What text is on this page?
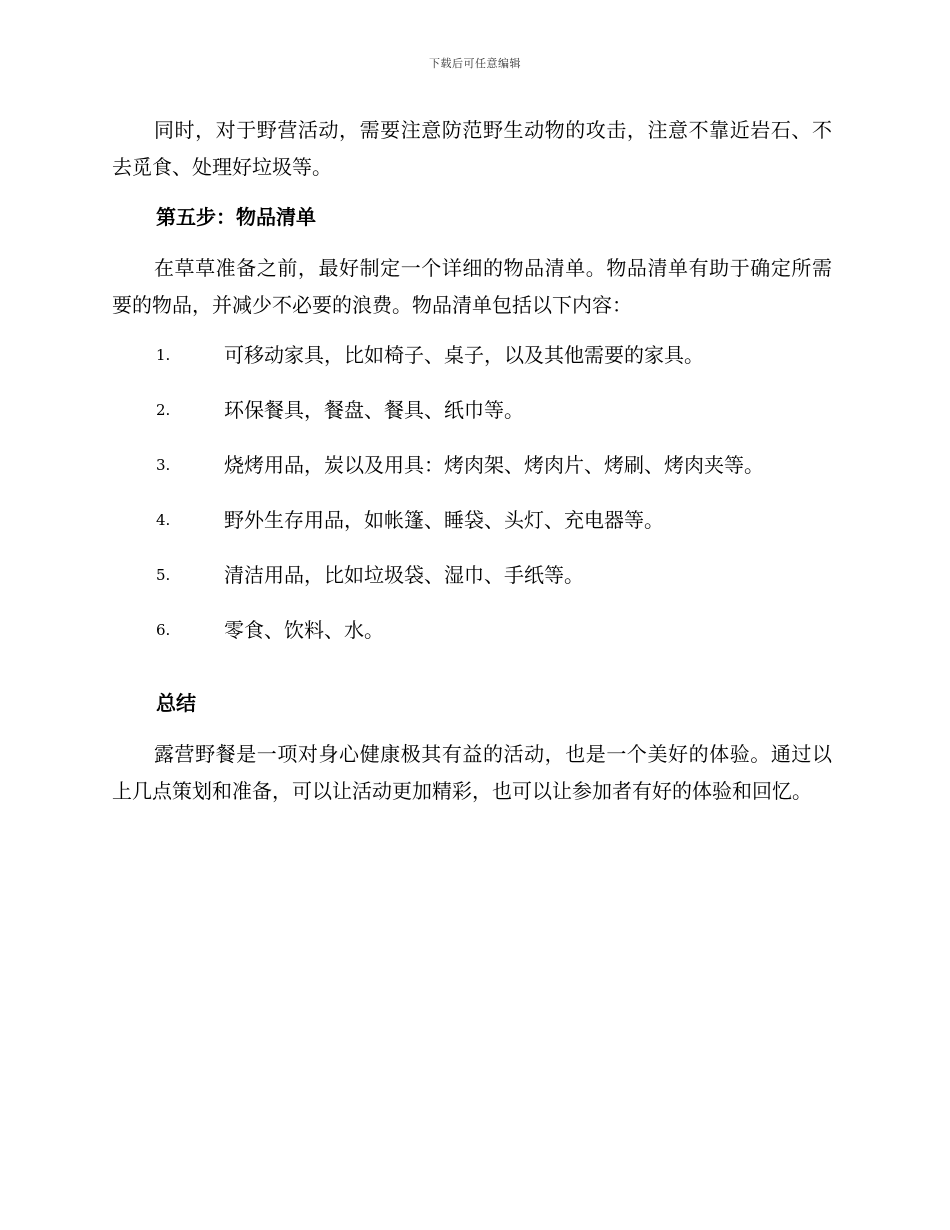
下载后可任意编辑

同时，对于野营活动，需要注意防范野生动物的攻击，注意不靠近岩石、不去觅食、处理好垃圾等。

第五步：物品清单

在草草准备之前，最好制定一个详细的物品清单。物品清单有助于确定所需要的物品，并减少不必要的浪费。物品清单包括以下内容：

1.	可移动家具，比如椅子、桌子，以及其他需要的家具。
2.	环保餐具，餐盘、餐具、纸巾等。
3.	烧烤用品，炭以及用具：烤肉架、烤肉片、烤刷、烤肉夹等。
4.	野外生存用品，如帐篷、睡袋、头灯、充电器等。
5.	清洁用品，比如垃圾袋、湿巾、手纸等。
6.	零食、饮料、水。
总结

露营野餐是一项对身心健康极其有益的活动，也是一个美好的体验。通过以上几点策划和准备，可以让活动更加精彩，也可以让参加者有好的体验和回忆。
